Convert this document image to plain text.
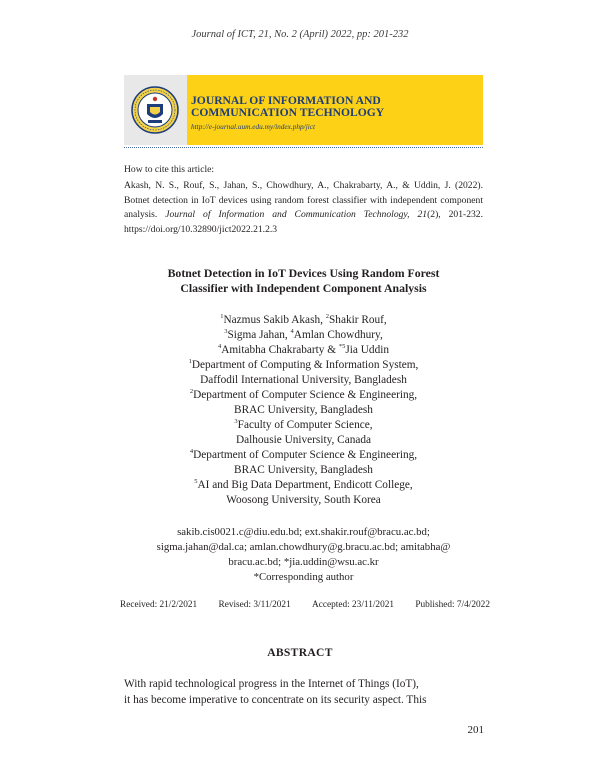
Journal of ICT, 21, No. 2 (April) 2022, pp: 201-232
JOURNAL OF INFORMATION AND
COMMUNICATION TECHNOLOGY
http://e-journal.uum.edu.my/index.php/jict
How to cite this article:
Akash, N. S., Rouf, S., Jahan, S., Chowdhury, A., Chakrabarty, A., & Uddin, J. (2022). Botnet detection in IoT devices using random forest classifier with independent component analysis. Journal of Information and Communication Technology, 21(2), 201-232. https://doi.org/10.32890/jict2022.21.2.3
Botnet Detection in IoT Devices Using Random Forest
Classifier with Independent Component Analysis
$^1$Nazmus Sakib Akash, $^2$Shakir Rouf,
$^3$Sigma Jahan, $^4$Amlan Chowdhury,
$^4$Amitabha Chakrabarty & $^{*5}$Jia Uddin
$^1$Department of Computing & Information System,
Daffodil International University, Bangladesh
$^2$Department of Computer Science & Engineering,
BRAC University, Bangladesh
$^3$Faculty of Computer Science,
Dalhousie University, Canada
$^4$Department of Computer Science & Engineering,
BRAC University, Bangladesh
$^5$AI and Big Data Department, Endicott College,
Woosong University, South Korea
sakib.cis0021.c@diu.edu.bd; ext.shakir.rouf@bracu.ac.bd;
sigma.jahan@dal.ca; amlan.chowdhury@g.bracu.ac.bd; amitabha@
bracu.ac.bd; *jia.uddin@wsu.ac.kr
*Corresponding author
Received: 21/2/2021 Revised: 3/11/2021 Accepted: 23/11/2021 Published: 7/4/2022
ABSTRACT
With rapid technological progress in the Internet of Things (IoT),
it has become imperative to concentrate on its security aspect. This
201
